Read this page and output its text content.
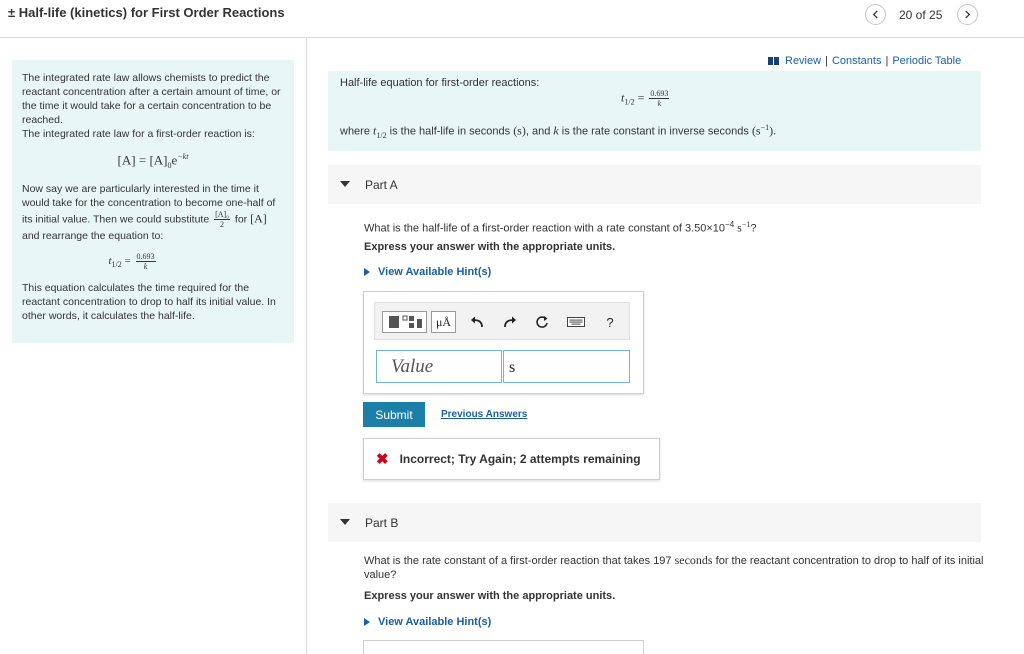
± Half-life (kinetics) for First Order Reactions	20 of 25

The integrated rate law allows chemists to predict the reactant concentration after a certain amount of time, or the time it would take for a certain concentration to be reached.

The integrated rate law for a first-order reaction is:

$[A] = [A]_0e^{-kt}$

Now say we are particularly interested in the time it would take for the concentration to become one-half of its initial value. Then we could substitute $\frac{\text{[A]₀}}{2}$ for [A] and rearrange the equation to:

$t_{1/2} = \frac{0.693}{k}$

This equation calculates the time required for the reactant concentration to drop to half its initial value. In other words, it calculates the half-life.

Review | Constants | Periodic Table
Half-life equation for first-order reactions:
$t_{1/2} = \frac{0.693}{k}$
where $t_{1/2}$ is the half-life in seconds (s), and k is the rate constant in inverse seconds $(s^{-1})$.
Part A
What is the half-life of a first-order reaction with a rate constant of $3.50\times 10^{-4}$ $s^{-1}$?
Express your answer with the appropriate units.
View Available Hint(s)
μÅ	?
Value	s
Submit	Previous Answers
✖ Incorrect; Try Again; 2 attempts remaining
Part B
What is the rate constant of a first-order reaction that takes 197 seconds for the reactant concentration to drop to half of its initial value?
Express your answer with the appropriate units.
View Available Hint(s)
